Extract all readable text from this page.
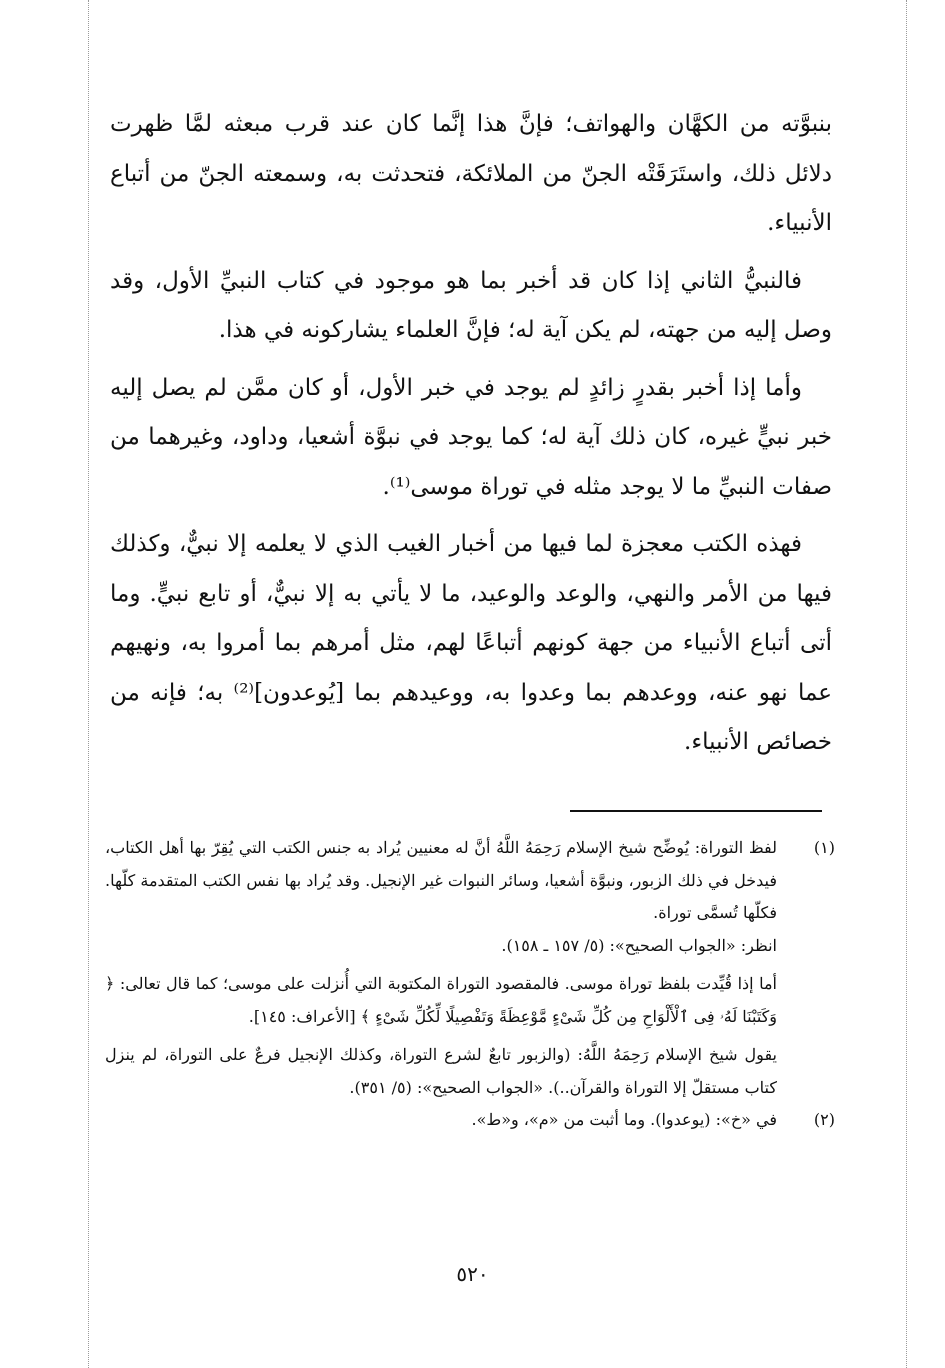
بنبوَّته من الكهَّان والهواتف؛ فإنَّ هذا إنَّما كان عند قرب مبعثه لمَّا ظهرت دلائل ذلك، واستَرَقَتْه الجنّ من الملائكة، فتحدثت به، وسمعته الجنّ من أتباع الأنبياء.

فالنبيُّ الثاني إذا كان قد أخبر بما هو موجود في كتاب النبيِّ الأول، وقد وصل إليه من جهته، لم يكن آية له؛ فإنَّ العلماء يشاركونه في هذا.

وأما إذا أخبر بقدرٍ زائدٍ لم يوجد في خبر الأول، أو كان ممَّن لم يصل إليه خبر نبيٍّ غيره، كان ذلك آية له؛ كما يوجد في نبوَّة أشعيا، وداود، وغيرهما من صفات النبيِّ ما لا يوجد مثله في توراة موسى⁽¹⁾.

فهذه الكتب معجزة لما فيها من أخبار الغيب الذي لا يعلمه إلا نبيٌّ، وكذلك فيها من الأمر والنهي، والوعد والوعيد، ما لا يأتي به إلا نبيٌّ، أو تابع نبيٍّ. وما أتى أتباع الأنبياء من جهة كونهم أتباعًا لهم، مثل أمرهم بما أمروا به، ونهيهم عما نهو عنه، ووعدهم بما وعدوا به، ووعيدهم بما [يُوعدون]⁽²⁾ به؛ فإنه من خصائص الأنبياء.

(١)

لفظ التوراة: يُوضِّح شيخ الإسلام رَحِمَهُ اللَّهُ أنَّ له معنيين يُراد به جنس الكتب التي يُقِرّ بها أهل الكتاب، فيدخل في ذلك الزبور، ونبوَّة أشعيا، وسائر النبوات غير الإنجيل. وقد يُراد بها نفس الكتب المتقدمة كلّها. فكلّها تُسمَّى توراة.

انظر: «الجواب الصحيح»: (٥/ ١٥٧ ـ ١٥٨).

أما إذا قُيِّدت بلفظ توراة موسى. فالمقصود التوراة المكتوبة التي أُنزلت على موسى؛ كما قال تعالى: ﴿ وَكَتَبْنَا لَهُۥ فِى ٱلْأَلْوَاحِ مِن كُلِّ شَىْءٍ مَّوْعِظَةً وَتَفْصِيلًا لِّكُلِّ شَىْءٍ ﴾ [الأعراف: ١٤٥].

يقول شيخ الإسلام رَحِمَهُ اللَّهُ: (والزبور تابعٌ لشرع التوراة، وكذلك الإنجيل فرعٌ على التوراة، لم ينزل كتاب مستقلّ إلا التوراة والقرآن..). «الجواب الصحيح»: (٥/ ٣٥١).

(٢)

في «خ»: (يوعدوا). وما أثبت من «م»، و«ط».

٥٢٠
